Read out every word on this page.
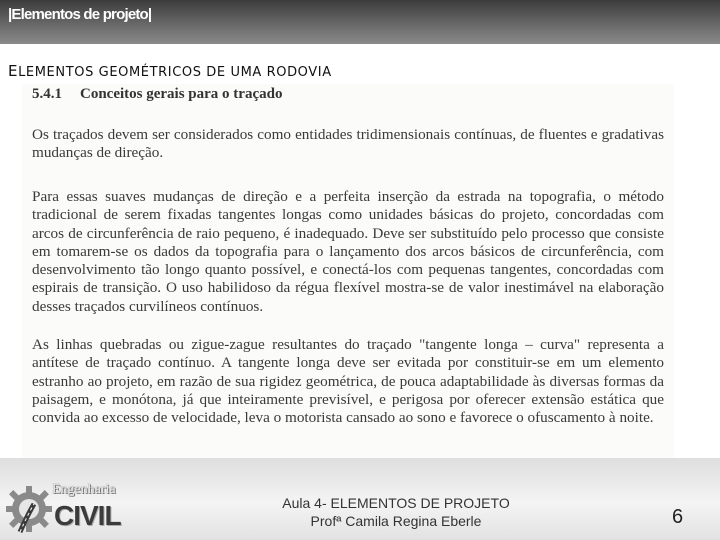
|Elementos de projeto|
ELEMENTOS GEOMÉTRICOS DE UMA RODOVIA
5.4.1 Conceitos gerais para o traçado

Os traçados devem ser considerados como entidades tridimensionais contínuas, de fluentes e gradativas mudanças de direção.

Para essas suaves mudanças de direção e a perfeita inserção da estrada na topografia, o método tradicional de serem fixadas tangentes longas como unidades básicas do projeto, concordadas com arcos de circunferência de raio pequeno, é inadequado. Deve ser substituído pelo processo que consiste em tomarem-se os dados da topografia para o lançamento dos arcos básicos de circunferência, com desenvolvimento tão longo quanto possível, e conectá-los com pequenas tangentes, concordadas com espirais de transição. O uso habilidoso da régua flexível mostra-se de valor inestimável na elaboração desses traçados curvilíneos contínuos.

As linhas quebradas ou zigue-zague resultantes do traçado "tangente longa – curva" representa a antítese de traçado contínuo. A tangente longa deve ser evitada por constituir-se em um elemento estranho ao projeto, em razão de sua rigidez geométrica, de pouca adaptabilidade às diversas formas da paisagem, e monótona, já que inteiramente previsível, e perigosa por oferecer extensão estática que convida ao excesso de velocidade, leva o motorista cansado ao sono e favorece o ofuscamento à noite.

Engenharia
CIVIL	Aula 4- ELEMENTOS DE PROJETO
Profª Camila Regina Eberle	6
